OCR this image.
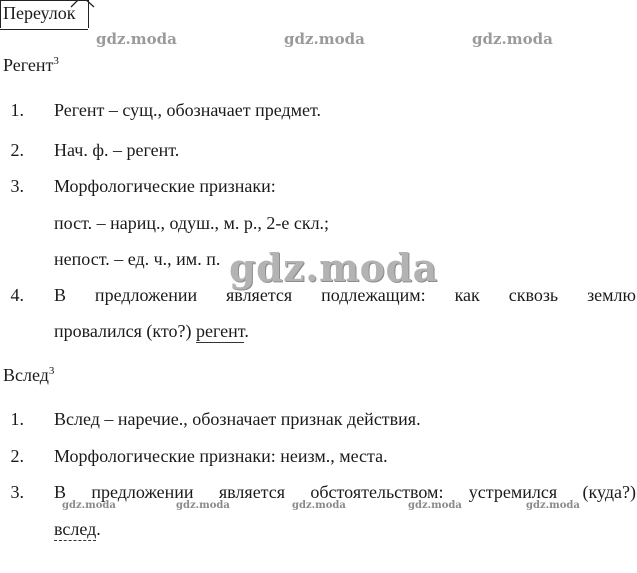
Переулок
gdz.moda	gdz.moda	gdz.moda
Регент$^3$
1. Регент – сущ., обозначает предмет.
2. Нач. ф. – регент.
3. Морфологические признаки:
пост. – нариц., одуш., м. р., 2-е скл.;
непост. – ед. ч., им. п. gdz.moda
4. В предложении является подлежащим: как сквозь землю
провалился (кто?) регент.
Вслед$^3$
1. Вслед – наречие., обозначает признак действия.
2. Морфологические признаки: неизм., места.
3. В предложении является обстоятельством: устремился (куда?)
gdz.moda	gdz.moda	gdz.moda	gdz.moda	gdz.moda
вслед.
